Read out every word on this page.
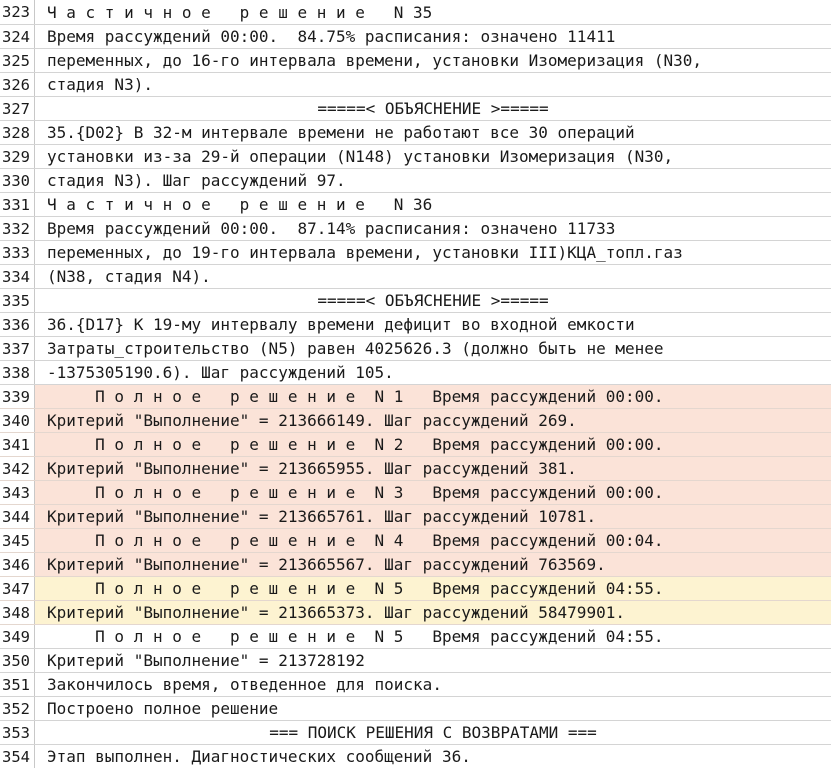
323	Ч а с т и ч н о е   р е ш е н и е   N 35
324	Время рассуждений 00:00.  84.75% расписания: означено 11411
325	переменных, до 16-го интервала времени, установки Изомеризация (N30,
326	стадия N3).
327	=====< ОБЪЯСНЕНИЕ >=====
328	35.{D02} В 32-м интервале времени не работают все 30 операций
329	установки из-за 29-й операции (N148) установки Изомеризация (N30,
330	стадия N3). Шаг рассуждений 97.
331	Ч а с т и ч н о е   р е ш е н и е   N 36
332	Время рассуждений 00:00.  87.14% расписания: означено 11733
333	переменных, до 19-го интервала времени, установки III)КЦА_топл.газ
334	(N38, стадия N4).
335	=====< ОБЪЯСНЕНИЕ >=====
336	36.{D17} К 19-му интервалу времени дефицит во входной емкости
337	Затраты_строительство (N5) равен 4025626.3 (должно быть не менее
338	-1375305190.6). Шаг рассуждений 105.
339	П о л н о е   р е ш е н и е  N 1   Время рассуждений 00:00.
340	Критерий "Выполнение" = 213666149. Шаг рассуждений 269.
341	П о л н о е   р е ш е н и е  N 2   Время рассуждений 00:00.
342	Критерий "Выполнение" = 213665955. Шаг рассуждений 381.
343	П о л н о е   р е ш е н и е  N 3   Время рассуждений 00:00.
344	Критерий "Выполнение" = 213665761. Шаг рассуждений 10781.
345	П о л н о е   р е ш е н и е  N 4   Время рассуждений 00:04.
346	Критерий "Выполнение" = 213665567. Шаг рассуждений 763569.
347	П о л н о е   р е ш е н и е  N 5   Время рассуждений 04:55.
348	Критерий "Выполнение" = 213665373. Шаг рассуждений 58479901.
349	П о л н о е   р е ш е н и е  N 5   Время рассуждений 04:55.
350	Критерий "Выполнение" = 213728192
351	Закончилось время, отведенное для поиска.
352	Построено полное решение
353	=== ПОИСК РЕШЕНИЯ С ВОЗВРАТАМИ ===
354	Этап выполнен. Диагностических сообщений 36.
